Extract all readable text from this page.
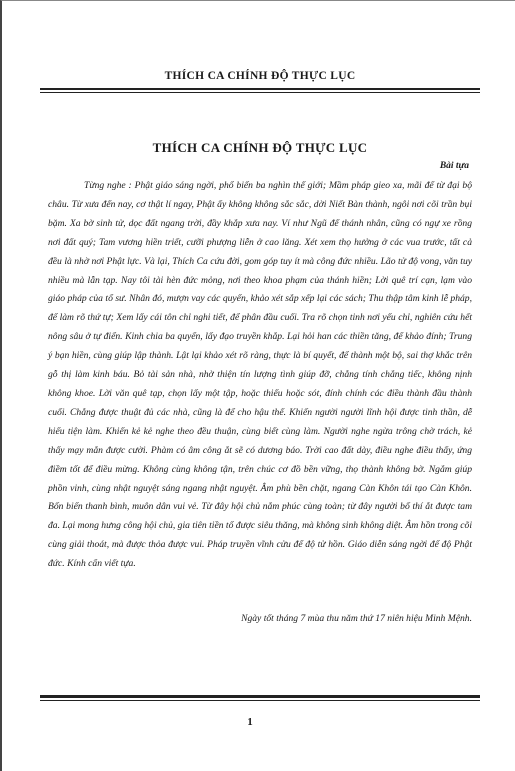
THÍCH CA CHÍNH ĐỘ THỰC LỤC
THÍCH CA CHÍNH ĐỘ THỰC LỤC
Bài tựa

Từng nghe : Phật giáo sáng ngời, phổ biến ba nghìn thế giới; Mầm pháp gieo xa, mãi để từ đại bộ châu. Từ xưa đến nay, cơ thật lí ngay, Phật ấy không không sắc sắc, dời Niết Bàn thành, ngôi nơi cõi trần bụi bặm. Xa bờ sinh tử, dọc đất ngang trời, đầy khắp xưa nay. Ví như Ngũ đế thánh nhân, cũng có ngự xe rồng nơi đất quý; Tam vương hiền triết, cưỡi phượng liễn ở cao lăng. Xét xem thọ hưởng ở các vua trước, tất cả đều là nhờ nơi Phật lực. Và lại, Thích Ca cứu đời, gom góp tuy ít mà công đức nhiều. Lão tử độ vong, văn tuy nhiều mà lẫn tạp. Nay tôi tài hèn đức mỏng, nơi theo khoa phạm của thánh hiền; Lời quê trí cạn, lạm vào giáo pháp của tổ sư. Nhân đó, mượn vay các quyển, khảo xét sắp xếp lại các sách; Thu thập tâm kinh lễ pháp, để làm rõ thứ tự; Xem lấy cái tôn chỉ nghi tiết, để phân đầu cuối. Tra rõ chọn tinh nơi yếu chỉ, nghiên cứu hết nông sâu ở tự điển. Kinh chia ba quyển, lấy đạo truyền khắp. Lại hỏi han các thiền tăng, để khảo đính; Trung ý bạn hiền, cùng giúp lập thành. Lật lại khảo xét rõ ràng, thực là bí quyết, để thành một bộ, sai thợ khắc trên gỗ thị làm kinh báu. Bỏ tài sản nhà, nhờ thiện tín lượng tình giúp đỡ, chẳng tính chẳng tiếc, không nịnh không khoe. Lời văn quê tạp, chọn lấy một tập, hoặc thiếu hoặc sót, đính chính các điều thành đầu thành cuối. Chẳng được thuật đủ các nhà, cũng là để cho hậu thế. Khiến người người lĩnh hội được tinh thần, dễ hiểu tiện làm. Khiến kẻ kẻ nghe theo đều thuận, cùng biết cùng làm. Người nghe ngừa trông chờ trách, kẻ thấy mạy mắn được cười. Phàm có âm công ắt sẽ có dương báo. Trời cao đất dày, điều nghe điều thấy, ứng điềm tốt để điều mừng. Không cùng không tận, trên chúc cơ đồ bền vững, thọ thành không bờ. Ngắm giúp phồn vinh, cùng nhật nguyệt sáng ngang nhật nguyệt. Âm phù bền chặt, ngang Càn Khôn tái tạo Càn Khôn. Bốn biển thanh bình, muôn dân vui vẻ. Từ đây hội chủ nắm phúc cùng toàn; từ đây người bố thí ắt được tam đa. Lại mong hưng công hội chủ, gia tiên tiền tổ được siêu thăng, mà không sinh không diệt. Âm hồn trong cõi cùng giải thoát, mà được thỏa được vui. Pháp truyền vĩnh cửu để độ tử hồn. Giáo diễn sáng ngời để độ Phật đức. Kính cẩn viết tựa.

Ngày tốt tháng 7 mùa thu năm thứ 17 niên hiệu Minh Mệnh.
1
